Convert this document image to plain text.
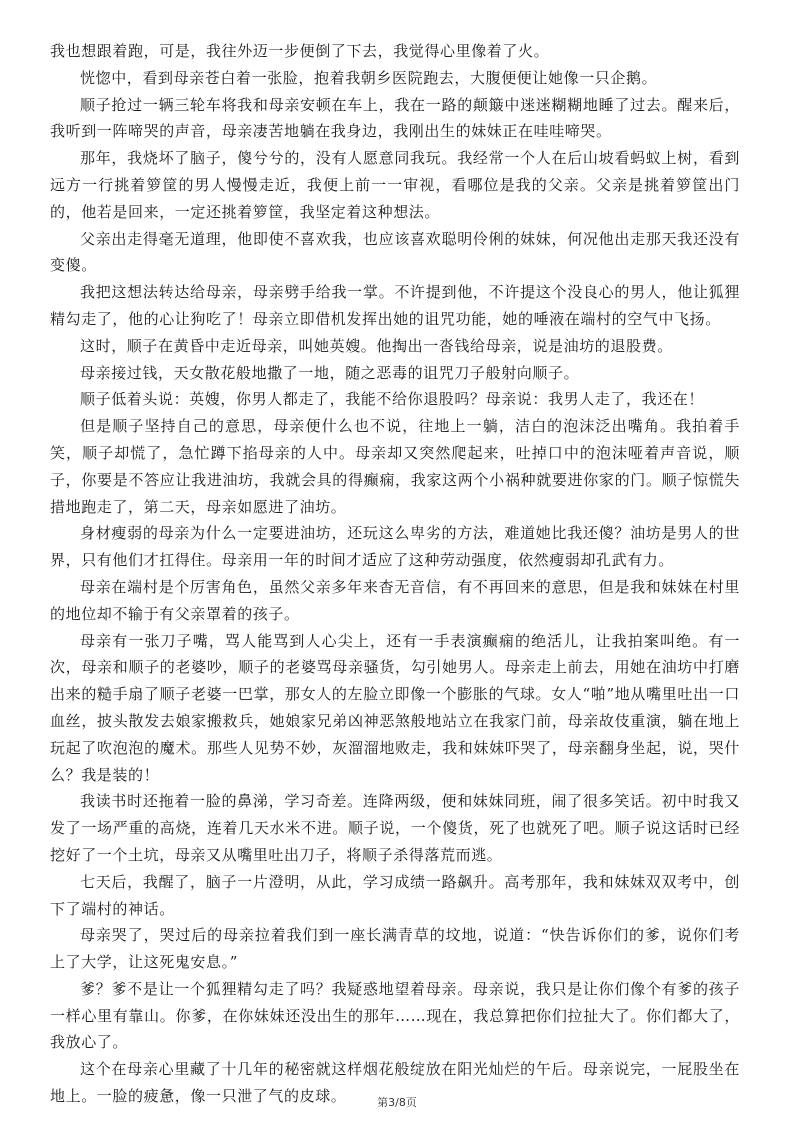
我也想跟着跑，可是，我往外迈一步便倒了下去，我觉得心里像着了火。

恍惚中，看到母亲苍白着一张脸，抱着我朝乡医院跑去，大腹便便让她像一只企鹅。

顺子抢过一辆三轮车将我和母亲安顿在车上，我在一路的颠簸中迷迷糊糊地睡了过去。醒来后，我听到一阵啼哭的声音，母亲凄苦地躺在我身边，我刚出生的妹妹正在哇哇啼哭。

那年，我烧坏了脑子，傻兮兮的，没有人愿意同我玩。我经常一个人在后山坡看蚂蚁上树，看到远方一行挑着箩筐的男人慢慢走近，我便上前一一审视，看哪位是我的父亲。父亲是挑着箩筐出门的，他若是回来，一定还挑着箩筐，我坚定着这种想法。

父亲出走得毫无道理，他即使不喜欢我，也应该喜欢聪明伶俐的妹妹，何况他出走那天我还没有变傻。

我把这想法转达给母亲，母亲劈手给我一掌。不许提到他，不许提这个没良心的男人，他让狐狸精勾走了，他的心让狗吃了！母亲立即借机发挥出她的诅咒功能，她的唾液在端村的空气中飞扬。

这时，顺子在黄昏中走近母亲，叫她英嫂。他掏出一沓钱给母亲，说是油坊的退股费。

母亲接过钱，天女散花般地撒了一地，随之恶毒的诅咒刀子般射向顺子。

顺子低着头说：英嫂，你男人都走了，我能不给你退股吗？母亲说：我男人走了，我还在！

但是顺子坚持自己的意思，母亲便什么也不说，往地上一躺，洁白的泡沫泛出嘴角。我拍着手笑，顺子却慌了，急忙蹲下掐母亲的人中。母亲却又突然爬起来，吐掉口中的泡沫哑着声音说，顺子，你要是不答应让我进油坊，我就会具的得癫痫，我家这两个小祸种就要进你家的门。顺子惊慌失措地跑走了，第二天，母亲如愿进了油坊。

身材瘦弱的母亲为什么一定要进油坊，还玩这么卑劣的方法，难道她比我还傻？油坊是男人的世界，只有他们才扛得住。母亲用一年的时间才适应了这种劳动强度，依然瘦弱却孔武有力。

母亲在端村是个厉害角色，虽然父亲多年来杳无音信，有不再回来的意思，但是我和妹妹在村里的地位却不输于有父亲罩着的孩子。

母亲有一张刀子嘴，骂人能骂到人心尖上，还有一手表演癫痫的绝活儿，让我拍案叫绝。有一次，母亲和顺子的老婆吵，顺子的老婆骂母亲骚货，勾引她男人。母亲走上前去，用她在油坊中打磨出来的糙手扇了顺子老婆一巴掌，那女人的左脸立即像一个膨胀的气球。女人“啪”地从嘴里吐出一口血丝，披头散发去娘家搬救兵，她娘家兄弟凶神恶煞般地站立在我家门前，母亲故伎重演，躺在地上玩起了吹泡泡的魔术。那些人见势不妙，灰溜溜地败走，我和妹妹吓哭了，母亲翻身坐起，说，哭什么？我是装的！

我读书时还拖着一脸的鼻涕，学习奇差。连降两级，便和妹妹同班，闹了很多笑话。初中时我又发了一场严重的高烧，连着几天水米不进。顺子说，一个傻货，死了也就死了吧。顺子说这话时已经挖好了一个土坑，母亲又从嘴里吐出刀子，将顺子杀得落荒而逃。

七天后，我醒了，脑子一片澄明，从此，学习成绩一路飙升。高考那年，我和妹妹双双考中，创下了端村的神话。

母亲哭了，哭过后的母亲拉着我们到一座长满青草的坟地，说道：“快告诉你们的爹，说你们考上了大学，让这死鬼安息。”

爹？爹不是让一个狐狸精勾走了吗？我疑惑地望着母亲。母亲说，我只是让你们像个有爹的孩子一样心里有靠山。你爹，在你妹妹还没出生的那年……现在，我总算把你们拉扯大了。你们都大了，我放心了。

这个在母亲心里藏了十几年的秘密就这样烟花般绽放在阳光灿烂的午后。母亲说完，一屁股坐在地上。一脸的疲惫，像一只泄了气的皮球。	第3/8页
